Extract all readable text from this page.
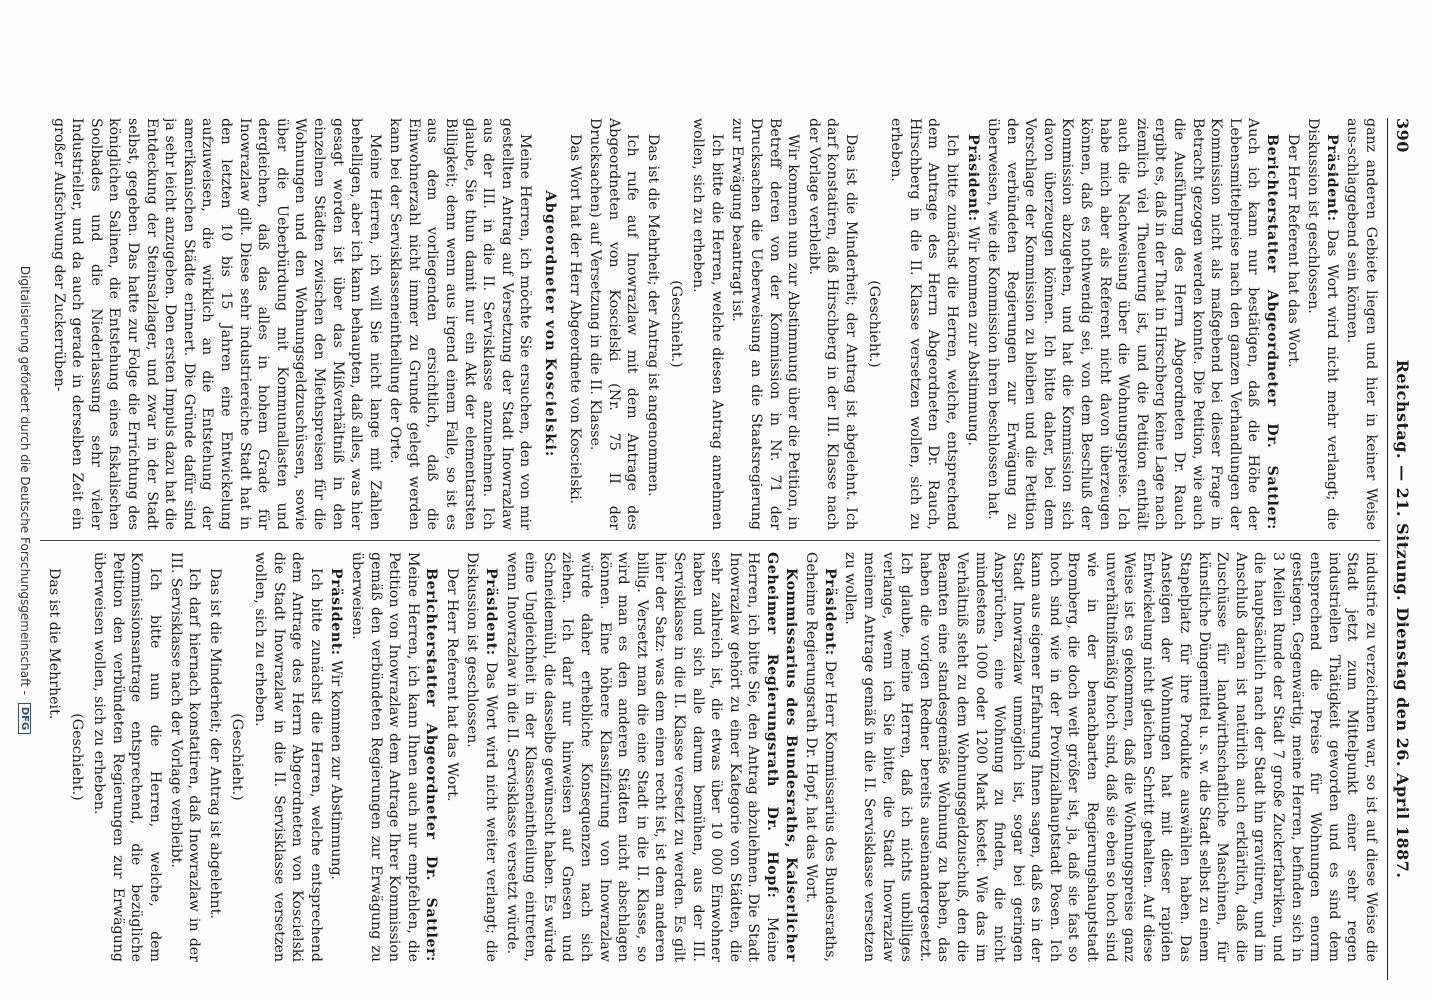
390
Reichstag. — 21. Sitzung. Dienstag den 26. April 1887.

ganz anderen Gebiete liegen und hier in keiner Weise aus-schlaggebend sein können.

Präsident: Das Wort wird nicht mehr verlangt; die Diskussion ist geschlossen.

Der Herr Referent hat das Wort.

Berichterstatter Abgeordneter Dr. Sattler: Auch ich kann nur bestätigen, daß die Höhe der Lebensmittelpreise nach den ganzen Verhandlungen der Kommission nicht als maßgebend bei dieser Frage in Betracht gezogen werden konnte. Die Petition, wie auch die Ausführung des Herrn Abgeordneten Dr. Rauch ergibt es, daß in der That in Hirschberg keine Lage nach ziemlich viel Theuerung ist, und die Petition enthält auch die Nachweisung über die Wohnungspreise. Ich habe mich aber als Referent nicht davon überzeugen können, daß es nothwendig sei, von dem Beschluß der Kommission abzugehen, und hat die Kommission sich davon überzeugen können. Ich bitte daher, bei dem Vorschlage der Kommission zu bleiben und die Petition den verbündeten Regierungen zur Erwägung zu überweisen, wie die Kommission ihren beschlossen hat.

Präsident: Wir kommen zur Abstimmung.

Ich bitte zunächst die Herren, welche, entsprechend dem Antrage des Herrn Abgeordneten Dr. Rauch, Hirschberg in die II. Klasse versetzen wollen, sich zu erheben.

(Geschieht.)

Das ist die Minderheit; der Antrag ist abgelehnt. Ich darf konstatiren, daß Hirschberg in der III. Klasse nach der Vorlage verbleibt.

Wir kommen nun zur Abstimmung über die Petition, in Betreff deren von der Kommission in Nr. 71 der Drucksachen die Ueberweisung an die Staatsregierung zur Erwägung beantragt ist.

Ich bitte die Herren, welche diesen Antrag annehmen wollen, sich zu erheben.

(Geschieht.)

Das ist die Mehrheit; der Antrag ist angenommen.

Ich rufe auf Inowrazlaw mit dem Antrage des Abgeordneten von Koscielski (Nr. 75 II der Drucksachen) auf Versetzung in die II. Klasse.

Das Wort hat der Herr Abgeordnete von Koscielski.

Abgeordneter von Koscielski:

Meine Herren, ich möchte Sie ersuchen, den von mir gestellten Antrag auf Versetzung der Stadt Inowrazlaw aus der III. in die II. Servisklasse anzunehmen. Ich glaube, Sie thun damit nur ein Akt der elementarsten Billigkeit; denn wenn aus irgend einem Falle, so ist es aus dem vorliegenden ersichtlich, daß die Einwohnerzahl nicht immer zu Grunde gelegt werden kann bei der Servisklasseneintheilung der Orte.

Meine Herren, ich will Sie nicht lange mit Zahlen behelligen, aber ich kann behaupten, daß alles, was hier gesagt worden ist über das Mißverhältniß in den einzelnen Städten zwischen den Miethspreisen für die Wohnungen und den Wohnungsgeldzuschüssen, sowie über die Ueberbürdung mit Kommunallasten und dergleichen, daß das alles in hohem Grade für Inowrazlaw gilt. Diese sehr industriereiche Stadt hat in den letzten 10 bis 15 Jahren eine Entwickelung aufzuweisen, die wirklich an die Entstehung der amerikanischen Städte erinnert. Die Gründe dafür sind ja sehr leicht anzugeben. Den ersten Impuls dazu hat die Entdeckung der Steinsalzlager, und zwar in der Stadt selbst, gegeben. Das hatte zur Folge die Errichtung des königlichen Salinen, die Entstehung eines fiskalischen Soolbades und die Niederlassung sehr vieler Industrieller, und da auch gerade in derselben Zeit ein großer Aufschwung der Zuckerrüben-

industrie zu verzeichnen war, so ist auf diese Weise die Stadt jetzt zum Mittelpunkt einer sehr regen industriellen Thätigkeit geworden und es sind dem entsprechend die Preise für Wohnungen enorm gestiegen. Gegenwärtig, meine Herren, befinden sich in 3 Meilen Runde der Stadt 7 große Zuckerfabriken, und die hauptsächlich nach der Stadt hin gravitiren, und im Anschluß daran ist natürlich auch erklärlich, daß die Zuschüsse für landwirthschaftliche Maschinen, für künstliche Düngemittel u. s. w. die Stadt selbst zu einem Stapelplatz für ihre Produkte auswählen haben. Das Ansteigen der Wohnungen hat mit dieser rapiden Entwickelung nicht gleichen Schritt gehalten. Auf diese Weise ist es gekommen, daß die Wohnungspreise ganz unverhältnißmäßig hoch sind, daß sie eben so hoch sind wie in der benachbarten Regierungshauptstadt Bromberg, die doch weit größer ist, ja, daß sie fast so hoch sind wie in der Provinzialhauptstadt Posen. Ich kann aus eigener Erfahrung Ihnen sagen, daß es in der Stadt Inowrazlaw unmöglich ist, sogar bei geringen Ansprüchen, eine Wohnung zu finden, die nicht mindestens 1000 oder 1200 Mark kostet. Wie das im Verhältniß steht zu dem Wohnungsgeldzuschuß, den die Beamten eine standesgemäße Wohnung zu haben, das haben die vorigen Redner bereits auseinandergesetzt. Ich glaube, meine Herren, daß ich nichts unbilliges verlange, wenn ich Sie bitte, die Stadt Inowrazlaw meinem Antrage gemäß in die II. Servisklasse versetzen zu wollen.

Präsident: Der Herr Kommissarius des Bundesraths, Geheime Regierungsrath Dr. Hopf, hat das Wort.

Kommissarius des Bundesraths, Kaiserlicher Geheimer Regierungsrath Dr. Hopf: Meine Herren, ich bitte Sie, den Antrag abzulehnen. Die Stadt Inowrazlaw gehört zu einer Kategorie von Städten, die sehr zahlreich ist, die etwas über 10 000 Einwohner haben und sich alle darum bemühen, aus der III. Servisklasse in die II. Klasse versetzt zu werden. Es gilt hier der Satz: was dem einen recht ist, ist dem anderen billig. Versetzt man die eine Stadt in die II. Klasse, so wird man es den anderen Städten nicht abschlagen können. Eine höhere Klassifizirung von Inowrazlaw würde daher erhebliche Konsequenzen nach sich ziehen. Ich darf nur hinweisen auf Gnesen und Schneidemühl, die dasselbe gewünscht haben. Es würde eine Ungleichheit in der Klasseneintheilung eintreten, wenn Inowrazlaw in die II. Servisklasse versetzt würde.

Präsident: Das Wort wird nicht weiter verlangt; die Diskussion ist geschlossen.

Der Herr Referent hat das Wort.

Berichterstatter Abgeordneter Dr. Sattler: Meine Herren, ich kann Ihnen auch nur empfehlen, die Petition von Inowrazlaw dem Antrage Ihrer Kommission gemäß den verbündeten Regierungen zur Erwägung zu überweisen.

Präsident: Wir kommen zur Abstimmung.

Ich bitte zunächst die Herren, welche entsprechend dem Antrage des Herrn Abgeordneten von Koscielski die Stadt Inowrazlaw in die II. Servisklasse versetzen wollen, sich zu erheben.

(Geschieht.)

Das ist die Minderheit; der Antrag ist abgelehnt.

Ich darf hiernach konstatiren, daß Inowrazlaw in der III. Servisklasse nach der Vorlage verbleibt.

Ich bitte nun die Herren, welche, dem Kommissionsantrage entsprechend, die bezügliche Petition den verbündeten Regierungen zur Erwägung überweisen wollen, sich zu erheben.

(Geschieht.)

Das ist die Mehrheit.

Digitalisierung gefördert durch die Deutsche Forschungsgemeinschaft - DFG
